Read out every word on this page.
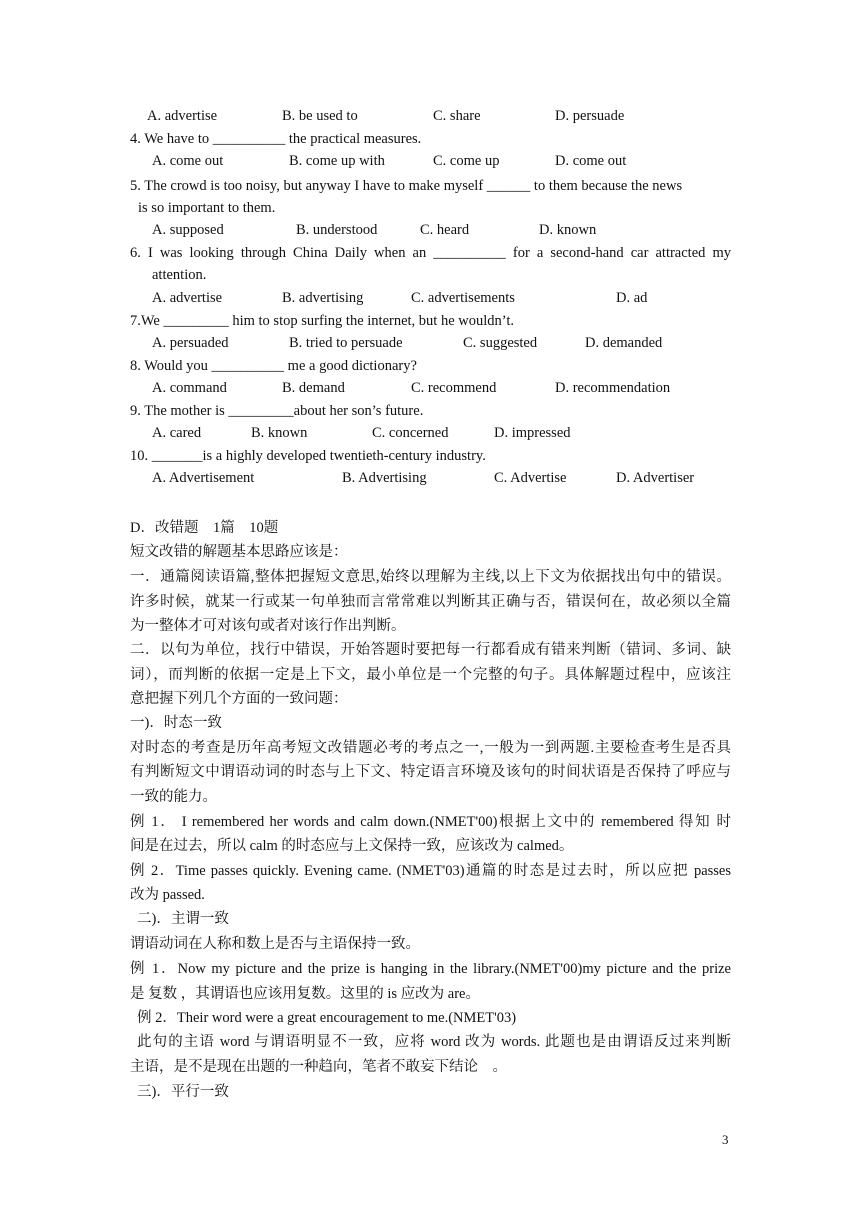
A. advertise	B. be used to	C. share	D. persuade
4. We have to __________ the practical measures.
A. come out	B. come up with	C. come up	D. come out
5. The crowd is too noisy, but anyway I have to make myself ______ to them because the news
is so important to them.
A. supposed	B. understood	C. heard	D. known
6. I was looking through China Daily when an __________ for a second-hand car attracted my
attention.
A. advertise	B. advertising	C. advertisements	D. ad
7.We _________ him to stop surfing the internet, but he wouldn’t.
A. persuaded	B. tried to persuade	C. suggested	D. demanded
8. Would you __________ me a good dictionary?
A. command	B. demand	C. recommend	D. recommendation
9. The mother is _________about her son’s future.
A. cared	B. known	C. concerned	D. impressed
10. _______is a highly developed twentieth-century industry.
A. Advertisement	B. Advertising	C. Advertise	D. Advertiser
D．改错题　1篇　10题
短文改错的解题基本思路应该是：
一．通篇阅读语篇,整体把握短文意思,始终以理解为主线,以上下文为依据找出句中的错误。
许多时候，就某一行或某一句单独而言常常难以判断其正确与否，错误何在，故必须以全篇
为一整体才可对该句或者对该行作出判断。
二．以句为单位，找行中错误，开始答题时要把每一行都看成有错来判断（错词、多词、缺
词），而判断的依据一定是上下文，最小单位是一个完整的句子。具体解题过程中，应该注
意把握下列几个方面的一致问题：
一)．时态一致
对时态的考查是历年高考短文改错题必考的考点之一,一般为一到两题.主要检查考生是否具
有判断短文中谓语动词的时态与上下文、特定语言环境及该句的时间状语是否保持了呼应与
一致的能力。
例 1． I remembered her words and calm down.(NMET'00)根据上文中的 remembered 得知 时
间是在过去，所以 calm 的时态应与上文保持一致，应该改为 calmed。
例 2．Time passes quickly. Evening came. (NMET'03)通篇的时态是过去时，所以应把 passes
改为 passed.
二)．主谓一致
谓语动词在人称和数上是否与主语保持一致。
例 1．Now my picture and the prize is hanging in the library.(NMET'00)my picture and the prize
是 复数 ，其谓语也应该用复数。这里的 is 应改为 are。
例 2．Their word were a great encouragement to me.(NMET'03)
此句的主语 word 与谓语明显不一致，应将 word 改为 words. 此题也是由谓语反过来判断
主语，是不是现在出题的一种趋向，笔者不敢妄下结论　。
三)．平行一致
3
